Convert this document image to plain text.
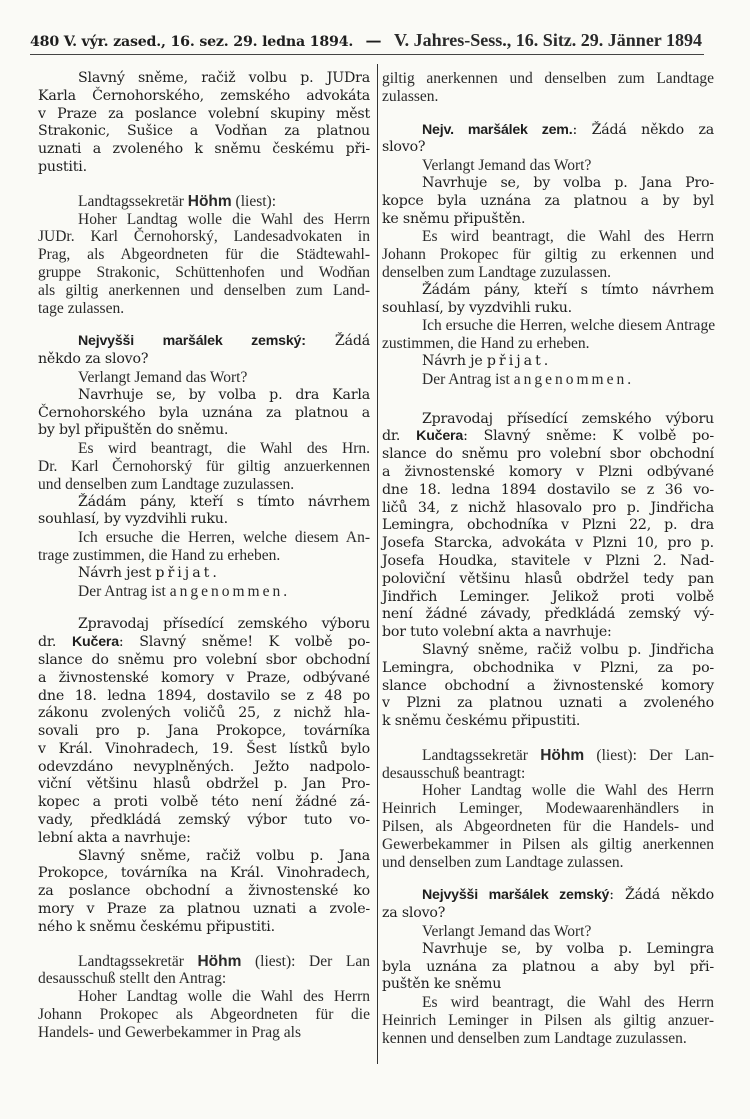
480 V. výr. zased., 16. sez. 29. ledna 1894. — V. Jahres-Sess., 16. Sitz. 29. Jänner 1894
Slavný sněme, račiž volbu p. JUDra
Karla Černohorského, zemského advokáta
v Praze za poslance volební skupiny měst
Strakonic, Sušice a Vodňan za platnou
uznati a zvoleného k sněmu českému při-
pustiti.
Landtagssekretär Höhm (liest):
Hoher Landtag wolle die Wahl des Herrn
JUDr. Karl Černohorský, Landesadvokaten in
Prag, als Abgeordneten für die Städtewahl-
gruppe Strakonic, Schüttenhofen und Wodňan
als giltig anerkennen und denselben zum Land-
tage zulassen.
Nejvyšši maršálek zemský: Žádá
někdo za slovo?
Verlangt Jemand das Wort?
Navrhuje se, by volba p. dra Karla
Černohorského byla uznána za platnou a
by byl připuštěn do sněmu.
Es wird beantragt, die Wahl des Hrn.
Dr. Karl Černohorský für giltig anzuerkennen
und denselben zum Landtage zuzulassen.
Žádám pány, kteří s tímto návrhem
souhlasí, by vyzdvihli ruku.
Ich ersuche die Herren, welche diesem An-
trage zustimmen, die Hand zu erheben.
Návrh jest přijat.
Der Antrag ist angenommen.
Zpravodaj přísedící zemského výboru
dr. Kučera: Slavný sněme! K volbě po-
slance do sněmu pro volební sbor obchodní
a živnostenské komory v Praze, odbývané
dne 18. ledna 1894, dostavilo se z 48 po
zákonu zvolených voličů 25, z nichž hla-
sovali pro p. Jana Prokopce, továrníka
v Král. Vinohradech, 19. Šest lístků bylo
odevzdáno nevyplněných. Ježto nadpolo-
viční většinu hlasů obdržel p. Jan Pro-
kopec a proti volbě této není žádné zá-
vady, předkládá zemský výbor tuto vo-
lební akta a navrhuje:
Slavný sněme, račiž volbu p. Jana
Prokopce, továrníka na Král. Vinohradech,
za poslance obchodní a živnostenské ko
mory v Praze za platnou uznati a zvole-
ného k sněmu českému připustiti.
Landtagssekretär Höhm (liest): Der Lan
desausschuß stellt den Antrag:
Hoher Landtag wolle die Wahl des Herrn
Johann Prokopec als Abgeordneten für die
Handels- und Gewerbekammer in Prag als
giltig anerkennen und denselben zum Landtage
zulassen.
Nejv. maršálek zem.: Žádá někdo za
slovo?
Verlangt Jemand das Wort?
Navrhuje se, by volba p. Jana Pro-
kopce byla uznána za platnou a by byl
ke sněmu připuštěn.
Es wird beantragt, die Wahl des Herrn
Johann Prokopec für giltig zu erkennen und
denselben zum Landtage zuzulassen.
Žádám pány, kteří s tímto návrhem
souhlasí, by vyzdvihli ruku.
Ich ersuche die Herren, welche diesem Antrage
zustimmen, die Hand zu erheben.
Návrh je přijat.
Der Antrag ist angenommen.
Zpravodaj přísedící zemského výboru
dr. Kučera: Slavný sněme: K volbě po-
slance do sněmu pro volební sbor obchodní
a živnostenské komory v Plzni odbývané
dne 18. ledna 1894 dostavilo se z 36 vo-
ličů 34, z nichž hlasovalo pro p. Jindřicha
Lemingra, obchodníka v Plzni 22, p. dra
Josefa Starcka, advokáta v Plzni 10, pro p.
Josefa Houdka, stavitele v Plzni 2. Nad-
poloviční většinu hlasů obdržel tedy pan
Jindřich Leminger. Jelikož proti volbě
není žádné závady, předkládá zemský vý-
bor tuto volební akta a navrhuje:
Slavný sněme, račiž volbu p. Jindřicha
Lemingra, obchodnika v Plzni, za po-
slance obchodní a živnostenské komory
v Plzni za platnou uznati a zvoleného
k sněmu českému připustiti.
Landtagssekretär Höhm (liest): Der Lan-
desausschuß beantragt:
Hoher Landtag wolle die Wahl des Herrn
Heinrich Leminger, Modewaarenhändlers in
Pilsen, als Abgeordneten für die Handels- und
Gewerbekammer in Pilsen als giltig anerkennen
und denselben zum Landtage zulassen.
Nejvyšši maršálek zemský: Žádá někdo
za slovo?
Verlangt Jemand das Wort?
Navrhuje se, by volba p. Lemingra
byla uznána za platnou a aby byl při-
puštěn ke sněmu
Es wird beantragt, die Wahl des Herrn
Heinrich Leminger in Pilsen als giltig anzuer-
kennen und denselben zum Landtage zuzulassen.
